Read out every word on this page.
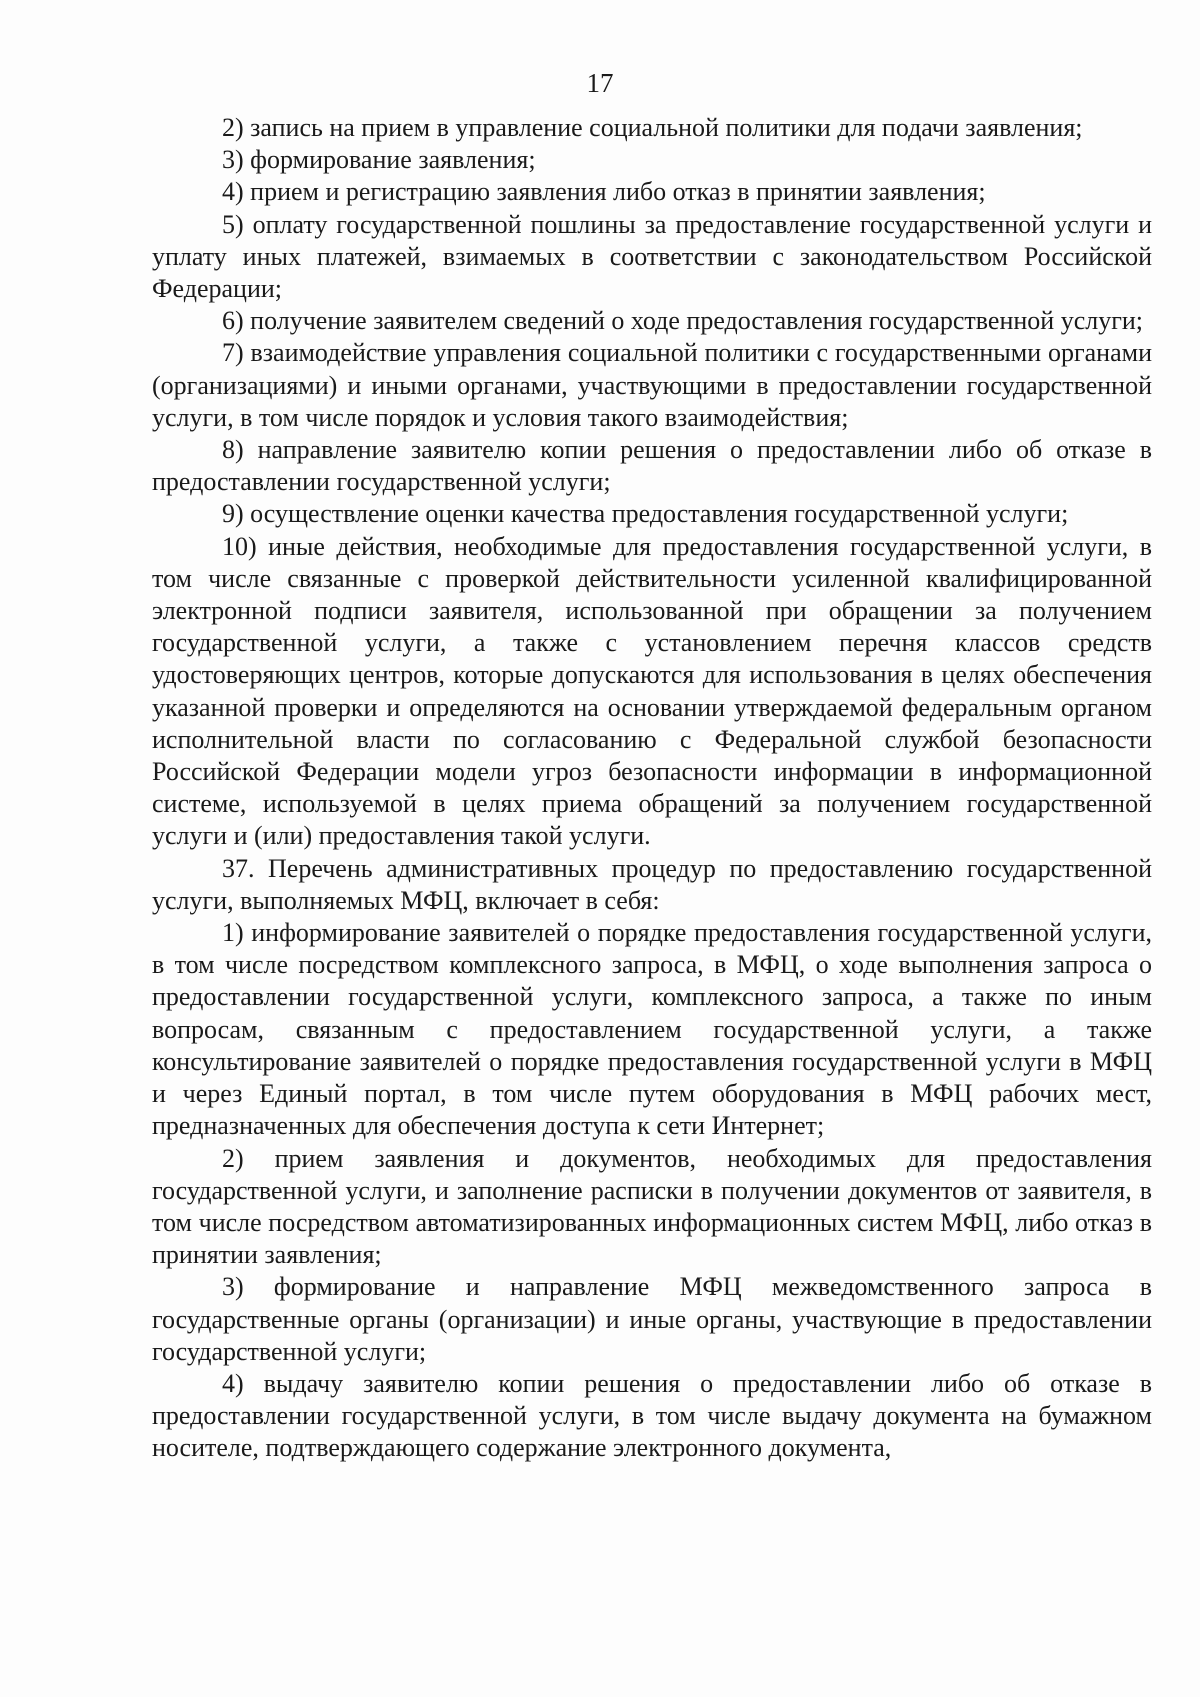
17

2) запись на прием в управление социальной политики для подачи заявления;

3) формирование заявления;

4) прием и регистрацию заявления либо отказ в принятии заявления;

5) оплату государственной пошлины за предоставление государственной услуги и уплату иных платежей, взимаемых в соответствии с законодательством Российской Федерации;

6) получение заявителем сведений о ходе предоставления государственной услуги;

7) взаимодействие управления социальной политики с государственными органами (организациями) и иными органами, участвующими в предоставлении государственной услуги, в том числе порядок и условия такого взаимодействия;

8) направление заявителю копии решения о предоставлении либо об отказе в предоставлении государственной услуги;

9) осуществление оценки качества предоставления государственной услуги;

10) иные действия, необходимые для предоставления государственной услуги, в том числе связанные с проверкой действительности усиленной квалифицированной электронной подписи заявителя, использованной при обращении за получением государственной услуги, а также с установлением перечня классов средств удостоверяющих центров, которые допускаются для использования в целях обеспечения указанной проверки и определяются на основании утверждаемой федеральным органом исполнительной власти по согласованию с Федеральной службой безопасности Российской Федерации модели угроз безопасности информации в информационной системе, используемой в целях приема обращений за получением государственной услуги и (или) предоставления такой услуги.

37. Перечень административных процедур по предоставлению государственной услуги, выполняемых МФЦ, включает в себя:

1) информирование заявителей о порядке предоставления государственной услуги, в том числе посредством комплексного запроса, в МФЦ, о ходе выполнения запроса о предоставлении государственной услуги, комплексного запроса, а также по иным вопросам, связанным с предоставлением государственной услуги, а также консультирование заявителей о порядке предоставления государственной услуги в МФЦ и через Единый портал, в том числе путем оборудования в МФЦ рабочих мест, предназначенных для обеспечения доступа к сети Интернет;

2) прием заявления и документов, необходимых для предоставления государственной услуги, и заполнение расписки в получении документов от заявителя, в том числе посредством автоматизированных информационных систем МФЦ, либо отказ в принятии заявления;

3) формирование и направление МФЦ межведомственного запроса в государственные органы (организации) и иные органы, участвующие в предоставлении государственной услуги;

4) выдачу заявителю копии решения о предоставлении либо об отказе в предоставлении государственной услуги, в том числе выдачу документа на бумажном носителе, подтверждающего содержание электронного документа,
